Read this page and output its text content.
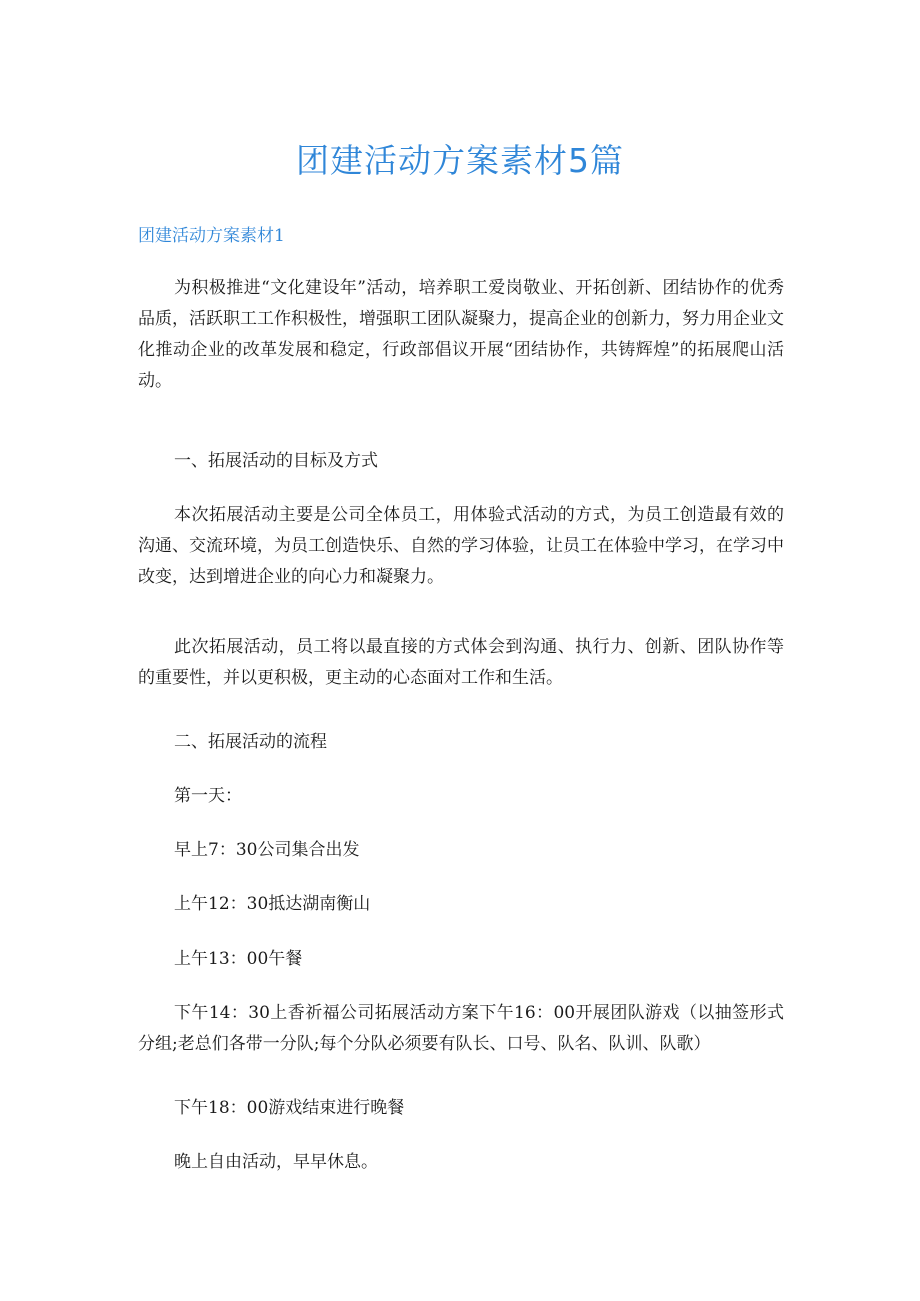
团建活动方案素材5篇
团建活动方案素材1

为积极推进“文化建设年”活动，培养职工爱岗敬业、开拓创新、团结协作的优秀品质，活跃职工工作积极性，增强职工团队凝聚力，提高企业的创新力，努力用企业文化推动企业的改革发展和稳定，行政部倡议开展“团结协作，共铸辉煌”的拓展爬山活动。

一、拓展活动的目标及方式

本次拓展活动主要是公司全体员工，用体验式活动的方式，为员工创造最有效的沟通、交流环境，为员工创造快乐、自然的学习体验，让员工在体验中学习，在学习中改变，达到增进企业的向心力和凝聚力。

此次拓展活动，员工将以最直接的方式体会到沟通、执行力、创新、团队协作等的重要性，并以更积极，更主动的心态面对工作和生活。

二、拓展活动的流程

第一天：

早上7：30公司集合出发

上午12：30抵达湖南衡山

上午13：00午餐

下午14：30上香祈福公司拓展活动方案下午16：00开展团队游戏（以抽签形式分组;老总们各带一分队;每个分队必须要有队长、口号、队名、队训、队歌）

下午18：00游戏结束进行晚餐

晚上自由活动，早早休息。
